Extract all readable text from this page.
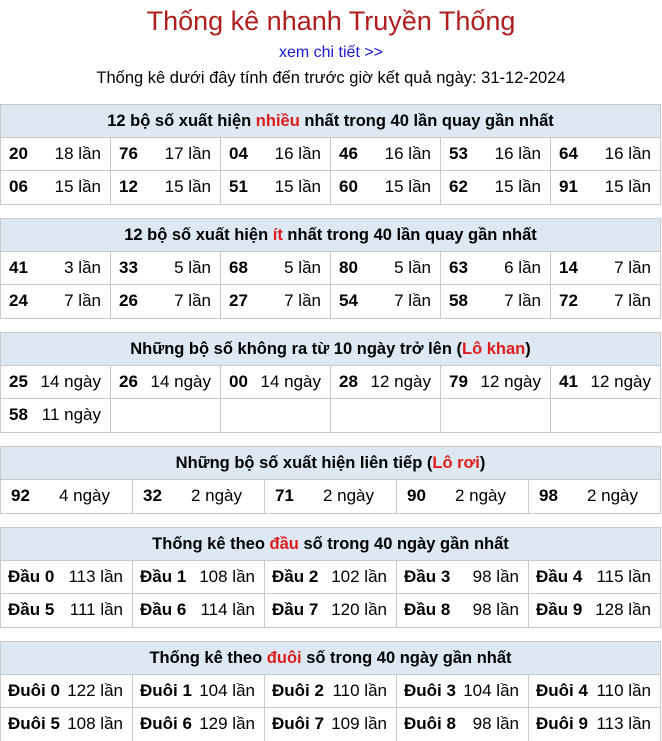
Thống kê nhanh Truyền Thống
xem chi tiết >>
Thống kê dưới đây tính đến trước giờ kết quả ngày: 31-12-2024
12 bộ số xuất hiện nhiều nhất trong 40 lần quay gần nhất
20 18 lần 76 17 lần 04 16 lần 46 16 lần 53 16 lần 64 16 lần
06 15 lần 12 15 lần 51 15 lần 60 15 lần 62 15 lần 91 15 lần
12 bộ số xuất hiện ít nhất trong 40 lần quay gần nhất
41 3 lần 33 5 lần 68 5 lần 80 5 lần 63 6 lần 14 7 lần
24 7 lần 26 7 lần 27 7 lần 54 7 lần 58 7 lần 72 7 lần
Những bộ số không ra từ 10 ngày trở lên (Lô khan)
25 14 ngày 26 14 ngày 00 14 ngày 28 12 ngày 79 12 ngày 41 12 ngày
58 11 ngày
Những bộ số xuất hiện liên tiếp (Lô rơi)
92 4 ngày 32 2 ngày 71 2 ngày 90 2 ngày 98 2 ngày
Thống kê theo đầu số trong 40 ngày gần nhất
Đầu 0 113 lần Đầu 1 108 lần Đầu 2 102 lần Đầu 3 98 lần Đầu 4 115 lần
Đầu 5 111 lần Đầu 6 114 lần Đầu 7 120 lần Đầu 8 98 lần Đầu 9 128 lần
Thống kê theo đuôi số trong 40 ngày gần nhất
Đuôi 0 122 lần Đuôi 1 104 lần Đuôi 2 110 lần Đuôi 3 104 lần Đuôi 4 110 lần
Đuôi 5 108 lần Đuôi 6 129 lần Đuôi 7 109 lần Đuôi 8 98 lần Đuôi 9 113 lần
